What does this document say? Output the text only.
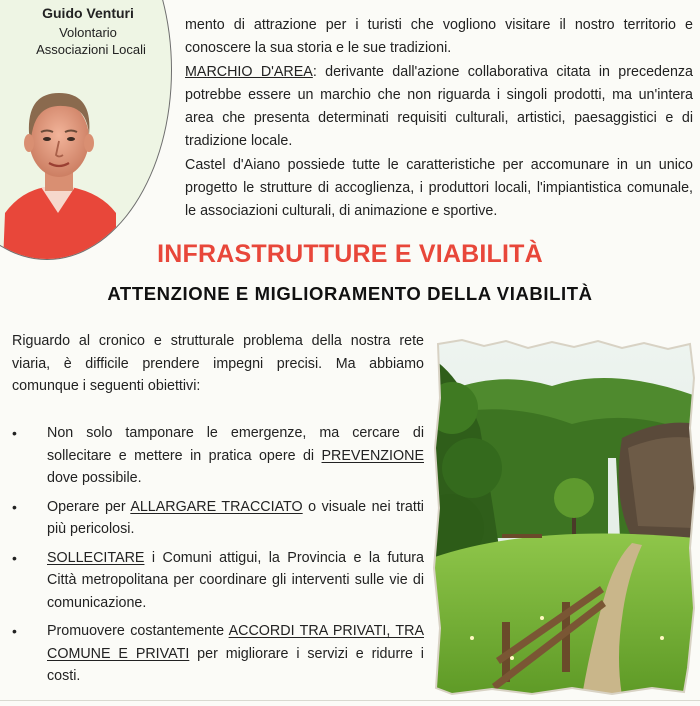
Guido Venturi
Volontario
Associazioni Locali

mento di attrazione per i turisti che vogliono visitare il nostro territorio e conoscere la sua storia e le sue tradizioni.

MARCHIO D'AREA: derivante dall'azione collaborativa citata in precedenza potrebbe essere un marchio che non riguarda i singoli prodotti, ma un'intera area che presenta determinati requisiti culturali, artistici, paesaggistici e di tradizione locale.

Castel d'Aiano possiede tutte le caratteristiche per accomunare in un unico progetto le strutture di accoglienza, i produttori locali, l'impiantistica comunale, le associazioni culturali, di animazione e sportive.

INFRASTRUTTURE E VIABILITÀ
ATTENZIONE E MIGLIORAMENTO DELLA VIABILITÀ
Riguardo al cronico e strutturale problema della nostra rete viaria, è difficile prendere impegni precisi. Ma abbiamo comunque i seguenti obiettivi:
• Non solo tamponare le emergenze, ma cercare di sollecitare e mettere in pratica opere di PREVENZIONE dove possibile.
• Operare per ALLARGARE TRACCIATO o visuale nei tratti più pericolosi.
• SOLLECITARE i Comuni attigui, la Provincia e la futura Città metropolitana per coordinare gli interventi sulle vie di comunicazione.
• Promuovere costantemente ACCORDI TRA PRIVATI, TRA COMUNE E PRIVATI per migliorare i servizi e ridurre i costi.
